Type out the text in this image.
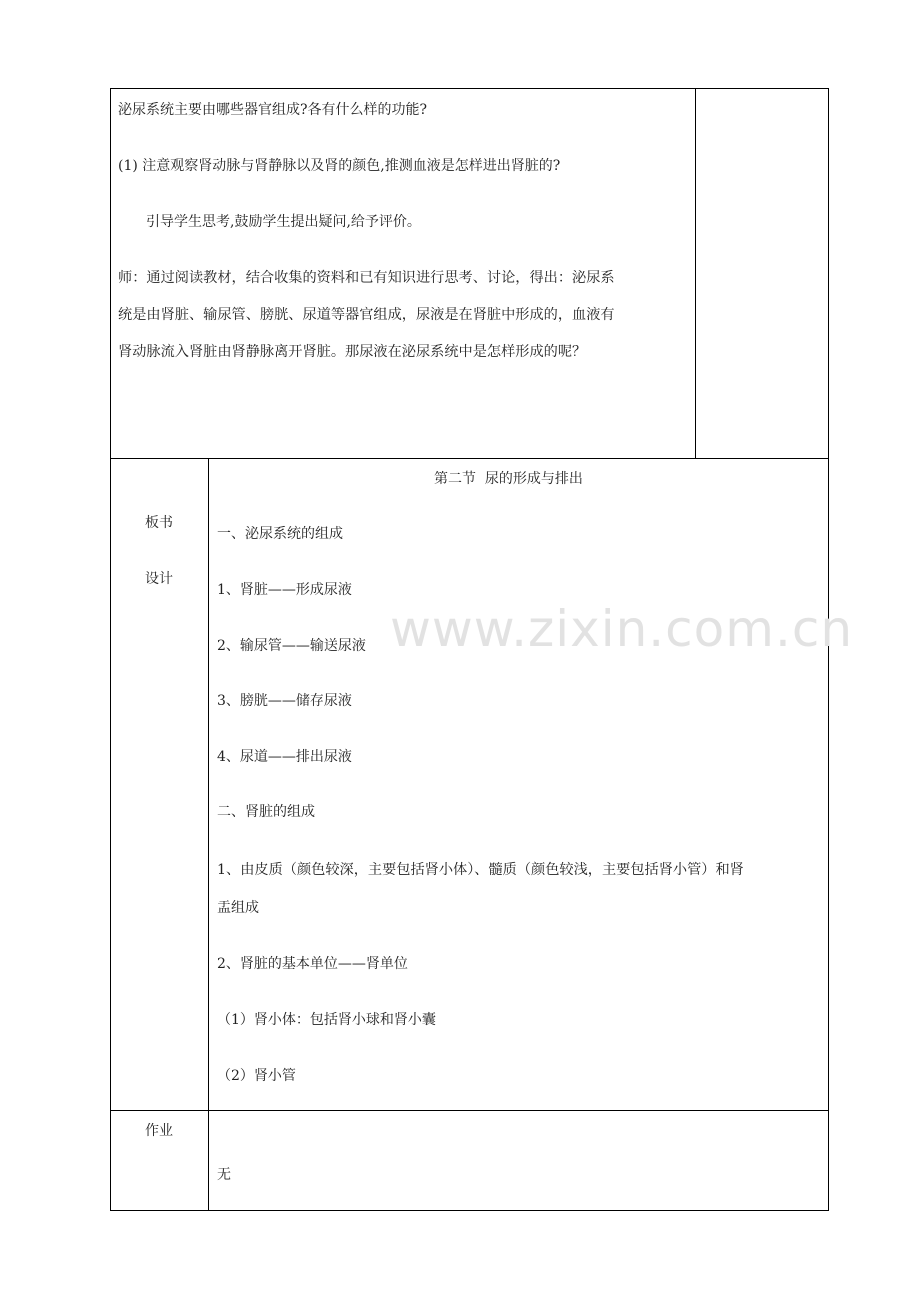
www.zixin.com.cn
泌尿系统主要由哪些器官组成?各有什么样的功能?
(1) 注意观察肾动脉与肾静脉以及肾的颜色,推测血液是怎样进出肾脏的?
引导学生思考,鼓励学生提出疑问,给予评价。
师：通过阅读教材，结合收集的资料和已有知识进行思考、讨论，得出：泌尿系
统是由肾脏、输尿管、膀胱、尿道等器官组成，尿液是在肾脏中形成的，血液有
肾动脉流入肾脏由肾静脉离开肾脏。那尿液在泌尿系统中是怎样形成的呢？
板书
设计
第二节  尿的形成与排出
一、泌尿系统的组成
1、肾脏——形成尿液
2、输尿管——输送尿液
3、膀胱——储存尿液
4、尿道——排出尿液
二、肾脏的组成
1、由皮质（颜色较深，主要包括肾小体）、髓质（颜色较浅，主要包括肾小管）和肾
盂组成
2、肾脏的基本单位——肾单位
（1）肾小体：包括肾小球和肾小囊
（2）肾小管
作业
无
